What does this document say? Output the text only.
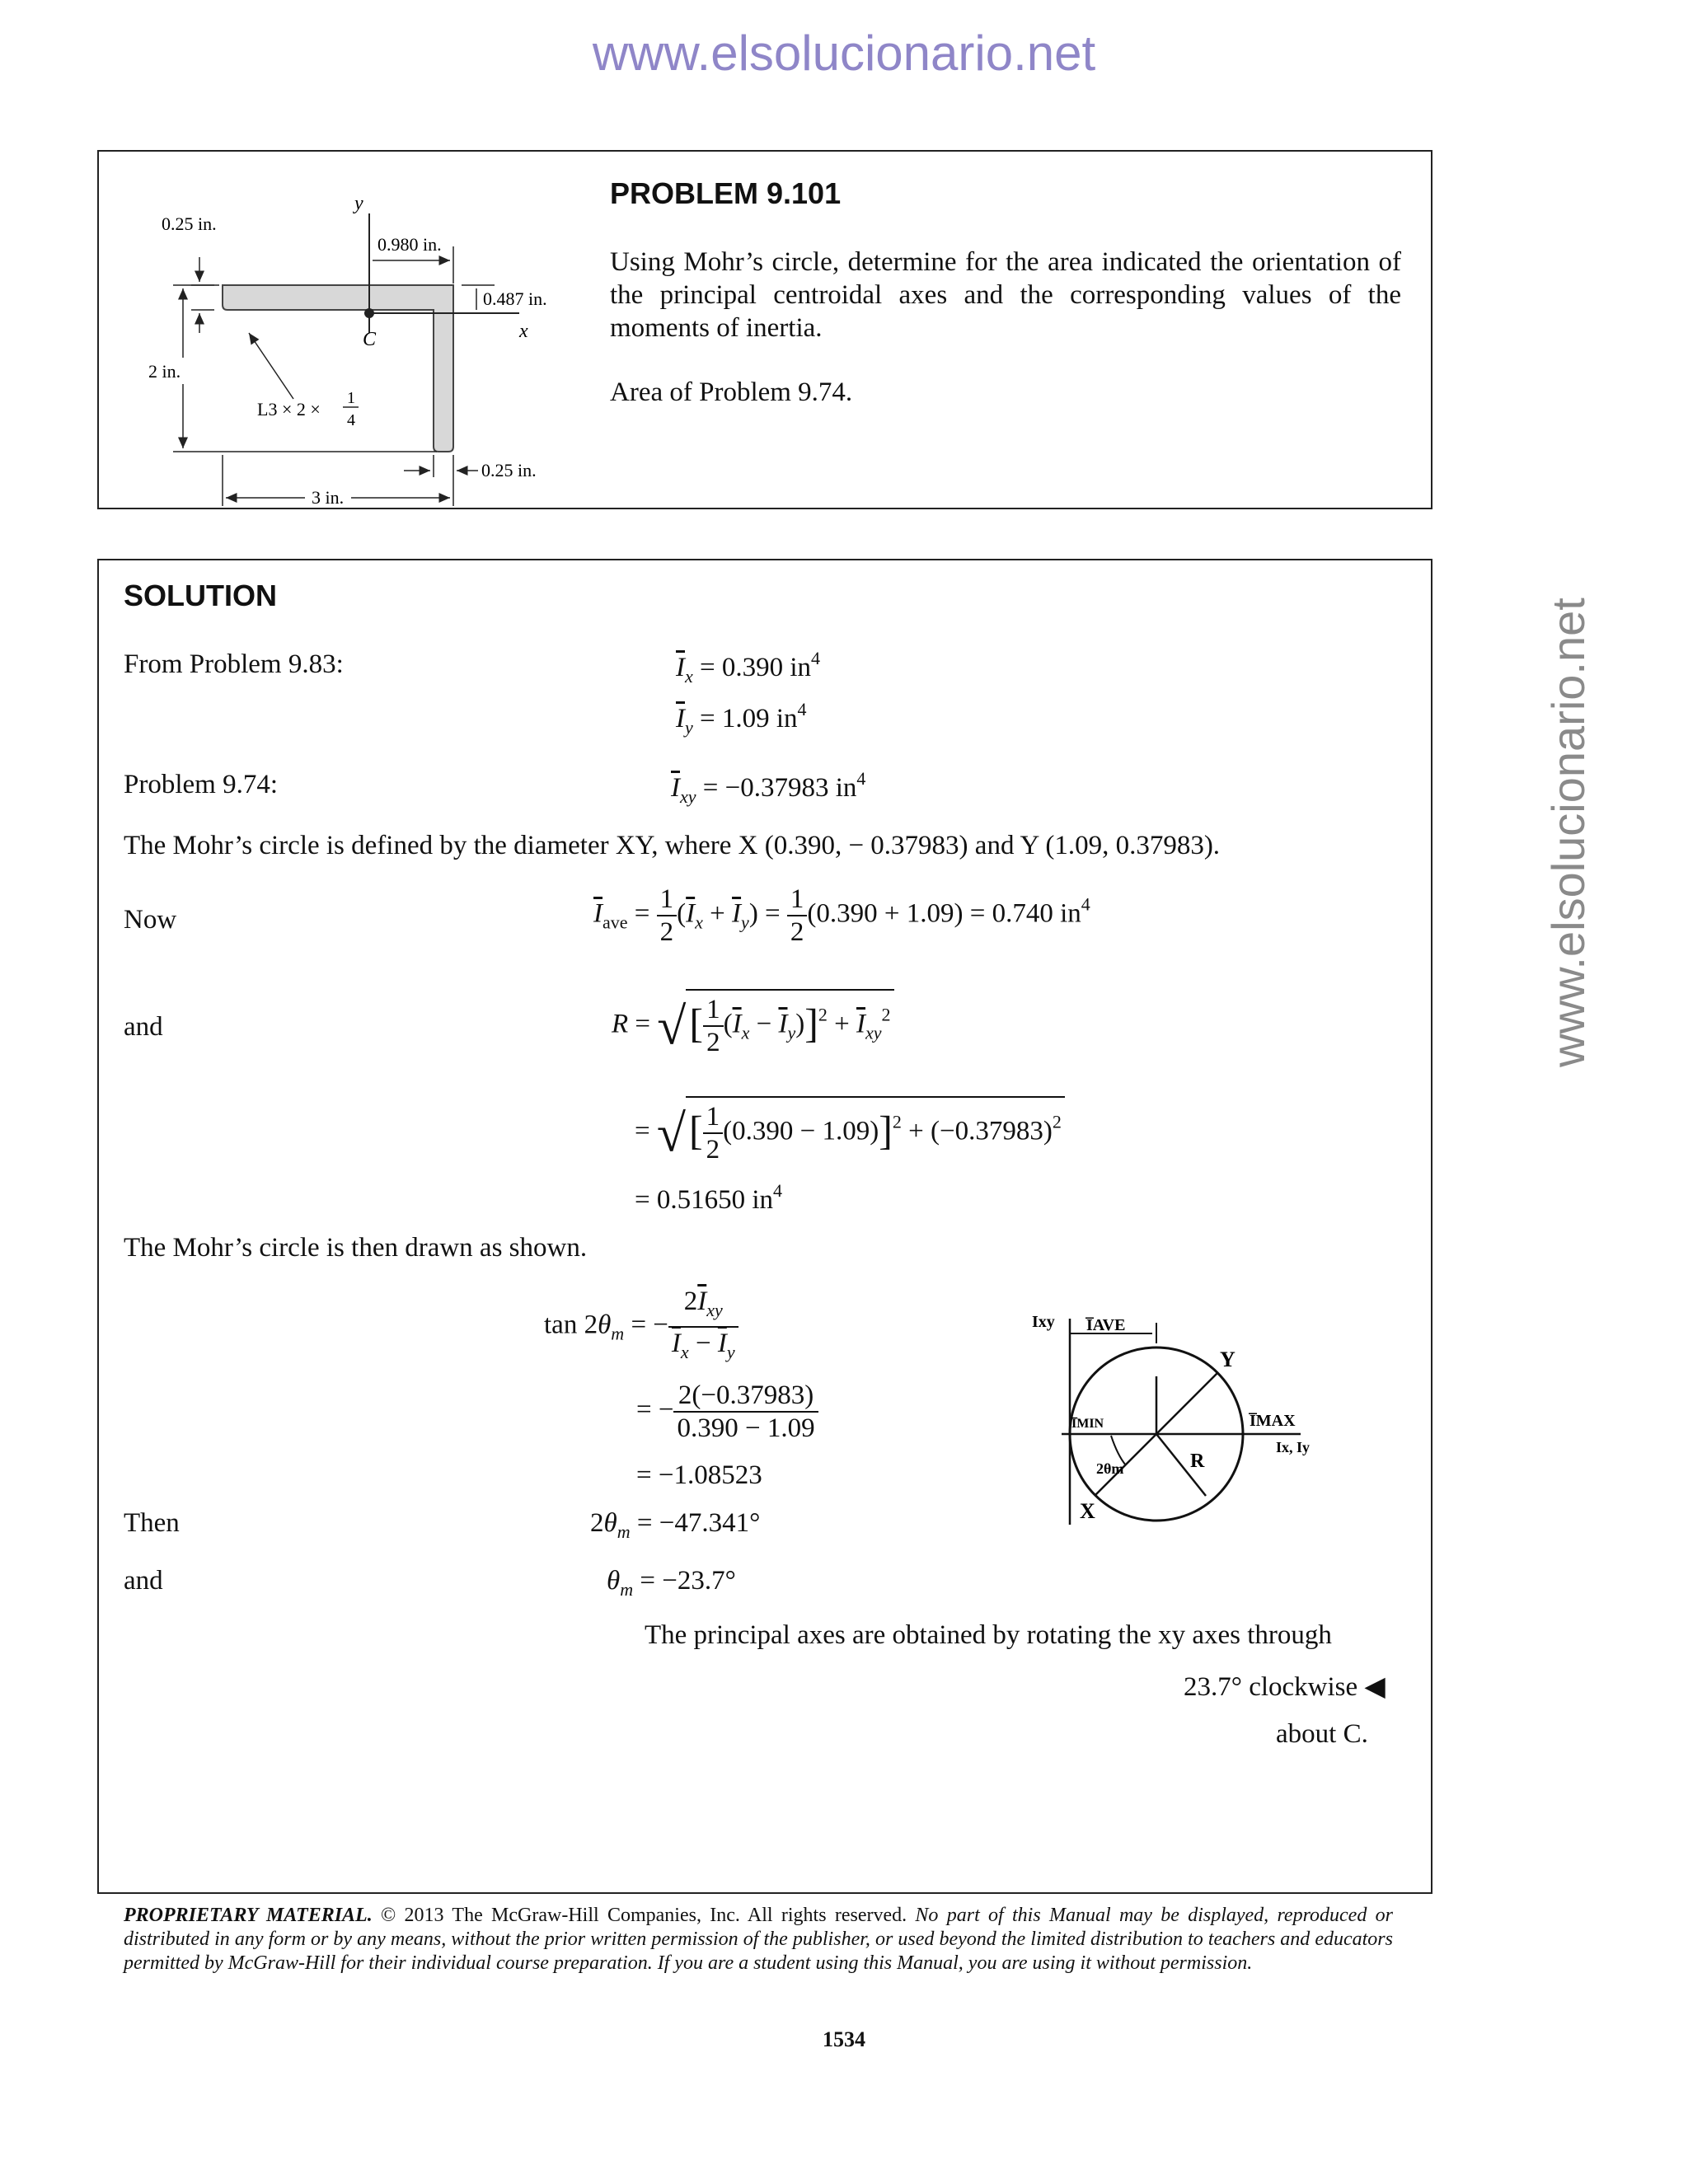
www.elsolucionario.net
www.elsolucionario.net
y
x
C
0.980 in.
0.487 in.
0.25 in.
2 in.
L3 × 2 ×
1
4
0.25 in.
3 in.
PROBLEM 9.101
Using Mohr’s circle, determine for the area indicated the orientation of the principal centroidal axes and the corresponding values of the moments of inertia.
Area of Problem 9.74.
SOLUTION
From Problem 9.83:	$\overline{I}_x = 0.390$ $in^4$
$\overline{I}_y = 1.09$ $in^4$
Problem 9.74:	$\overline{I}_{xy} = -0.37983$ $in^4$
The Mohr’s circle is defined by the diameter XY, where X (0.390, − 0.37983) and Y (1.09, 0.37983).
Now	$\overline{I}_{ave} = \frac{1}{2} (\overline{I}_x + \overline{I}_y) = \frac{1}{2} (0.390 + 1.09) = 0.740$ $in^4$
and	R = √[ $\frac{1}{2} (\overline{I}_x - \overline{I}_y)]^2 + \overline{I}_{xy}^2$
= √[ $\frac{1}{2} (0.390 - 1.09)]^2 + (-0.37983)^2$
= 0.51650 $in^4$
The Mohr’s circle is then drawn as shown.
$\tan 2\theta_m$ = − $\frac{2\overline{I}_{xy}}{\overline{I}_x - \overline{I}_y}$
= − $\frac{2(-0.37983)}{0.390 - 1.09}$
= −1.08523
Then	$2\theta_m = -47.341^\circ$
and	$\theta_m = -23.7^\circ$
The principal axes are obtained by rotating the xy axes through
23.7° clockwise ◀
about C.
Ixy I̅AVE
Y
X
I̅MAX
I̅MIN
R
2θm
Ix, Iy
PROPRIETARY MATERIAL. © 2013 The McGraw-Hill Companies, Inc. All rights reserved. No part of this Manual may be displayed, reproduced or distributed in any form or by any means, without the prior written permission of the publisher, or used beyond the limited distribution to teachers and educators permitted by McGraw-Hill for their individual course preparation. If you are a student using this Manual, you are using it without permission.
1534
